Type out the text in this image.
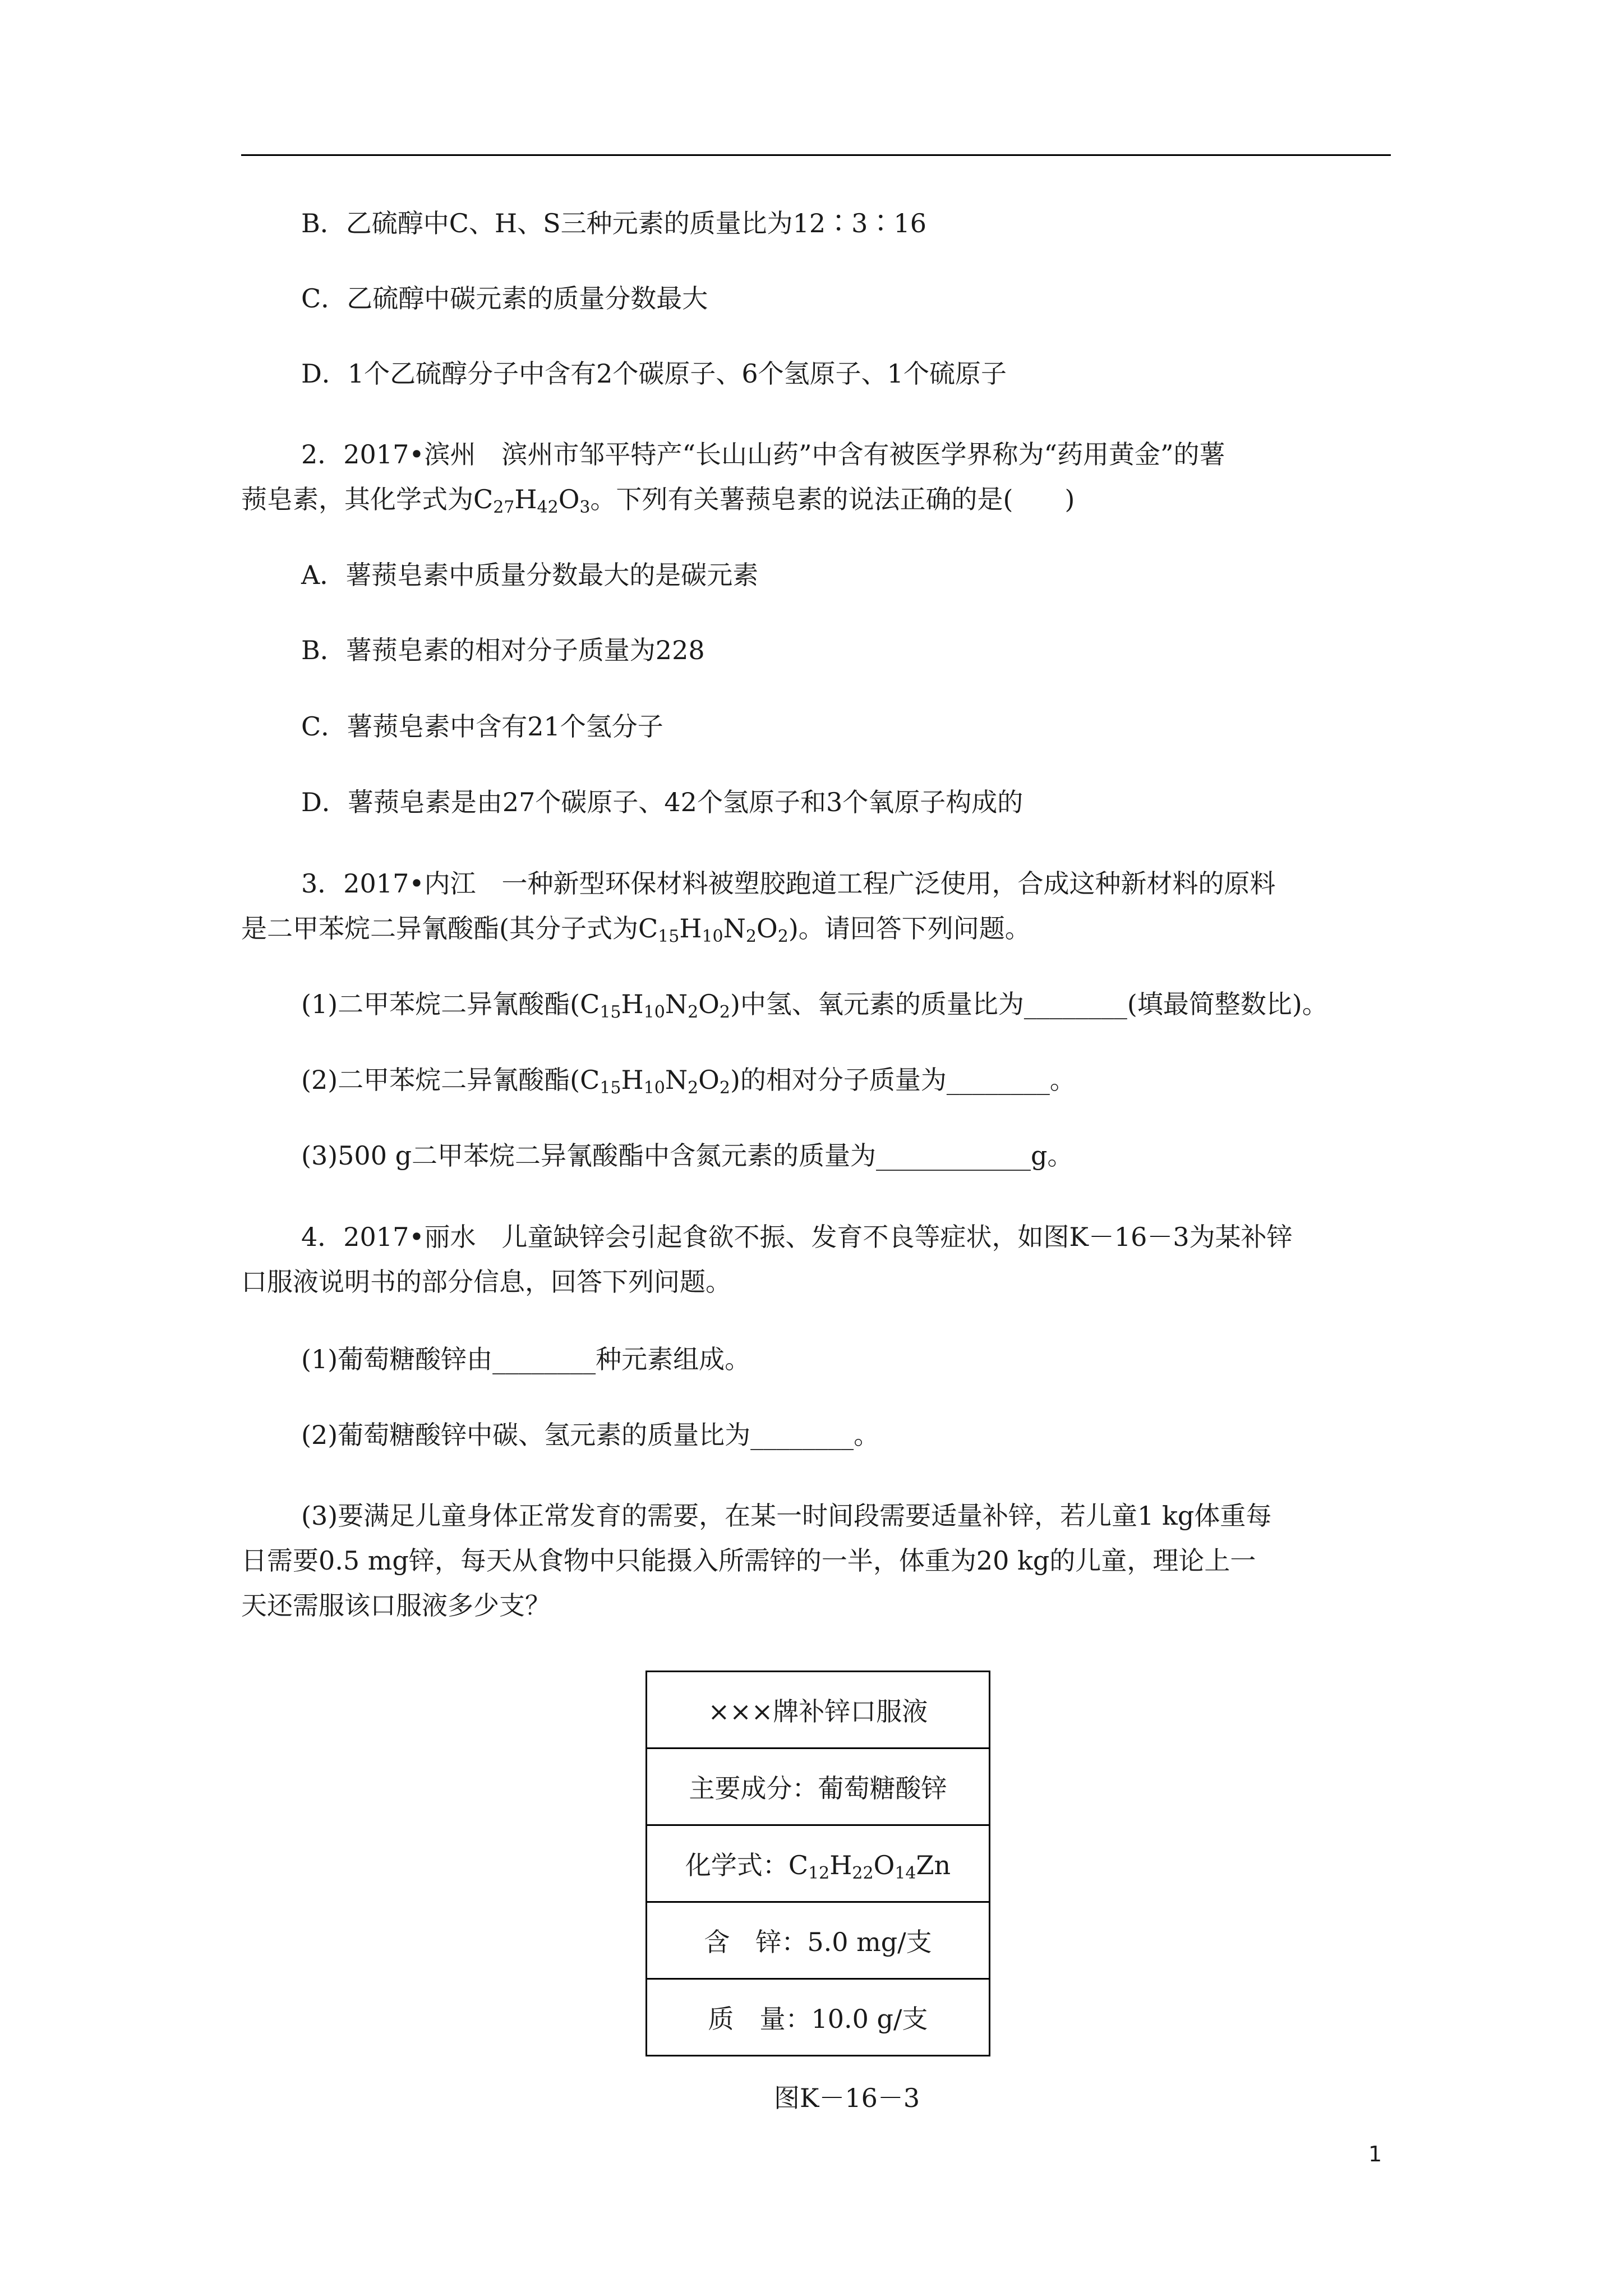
B．乙硫醇中C、H、S三种元素的质量比为12∶3∶16
C．乙硫醇中碳元素的质量分数最大
D．1个乙硫醇分子中含有2个碳原子、6个氢原子、1个硫原子
2．2017•滨州　滨州市邹平特产“长山山药”中含有被医学界称为“药用黄金”的薯
蓣皂素，其化学式为$C_{27}H_{42}O_3$。下列有关薯蓣皂素的说法正确的是(　　)
A．薯蓣皂素中质量分数最大的是碳元素
B．薯蓣皂素的相对分子质量为228
C．薯蓣皂素中含有21个氢分子
D．薯蓣皂素是由27个碳原子、42个氢原子和3个氧原子构成的
3．2017•内江　一种新型环保材料被塑胶跑道工程广泛使用，合成这种新材料的原料
是二甲苯烷二异氰酸酯(其分子式为$C_{15}H_{10}N_2O_2$)。请回答下列问题。
(1)二甲苯烷二异氰酸酯$(C_{15}H_{10}N_2O_2)$中氢、氧元素的质量比为________(填最简整数比)。
(2)二甲苯烷二异氰酸酯$(C_{15}H_{10}N_2O_2)$的相对分子质量为________。
(3)500 g二甲苯烷二异氰酸酯中含氮元素的质量为____________g。
4．2017•丽水　儿童缺锌会引起食欲不振、发育不良等症状，如图K－16－3为某补锌
口服液说明书的部分信息，回答下列问题。
(1)葡萄糖酸锌由________种元素组成。
(2)葡萄糖酸锌中碳、氢元素的质量比为________。
(3)要满足儿童身体正常发育的需要，在某一时间段需要适量补锌，若儿童1 kg体重每
日需要0.5 mg锌，每天从食物中只能摄入所需锌的一半，体重为20 kg的儿童，理论上一
天还需服该口服液多少支？
×××牌补锌口服液
主要成分：葡萄糖酸锌
化学式：$C_{12}H_{22}O_{14}Zn$
含　锌：5.0 mg/支
质　量：10.0 g/支
图K－16－3
1
